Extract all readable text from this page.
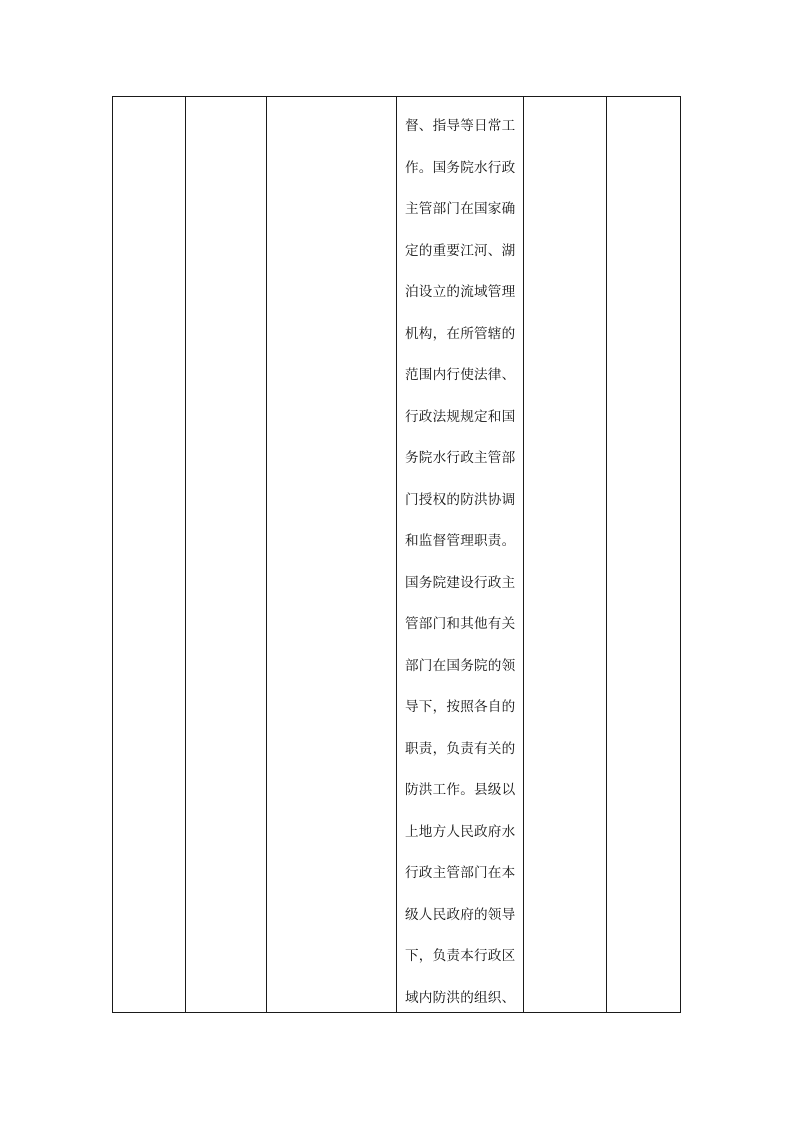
督、指导等日常工
作。国务院水行政
主管部门在国家确
定的重要江河、湖
泊设立的流域管理
机构，在所管辖的
范围内行使法律、
行政法规规定和国
务院水行政主管部
门授权的防洪协调
和监督管理职责。
国务院建设行政主
管部门和其他有关
部门在国务院的领
导下，按照各自的
职责，负责有关的
防洪工作。县级以
上地方人民政府水
行政主管部门在本
级人民政府的领导
下，负责本行政区
域内防洪的组织、
